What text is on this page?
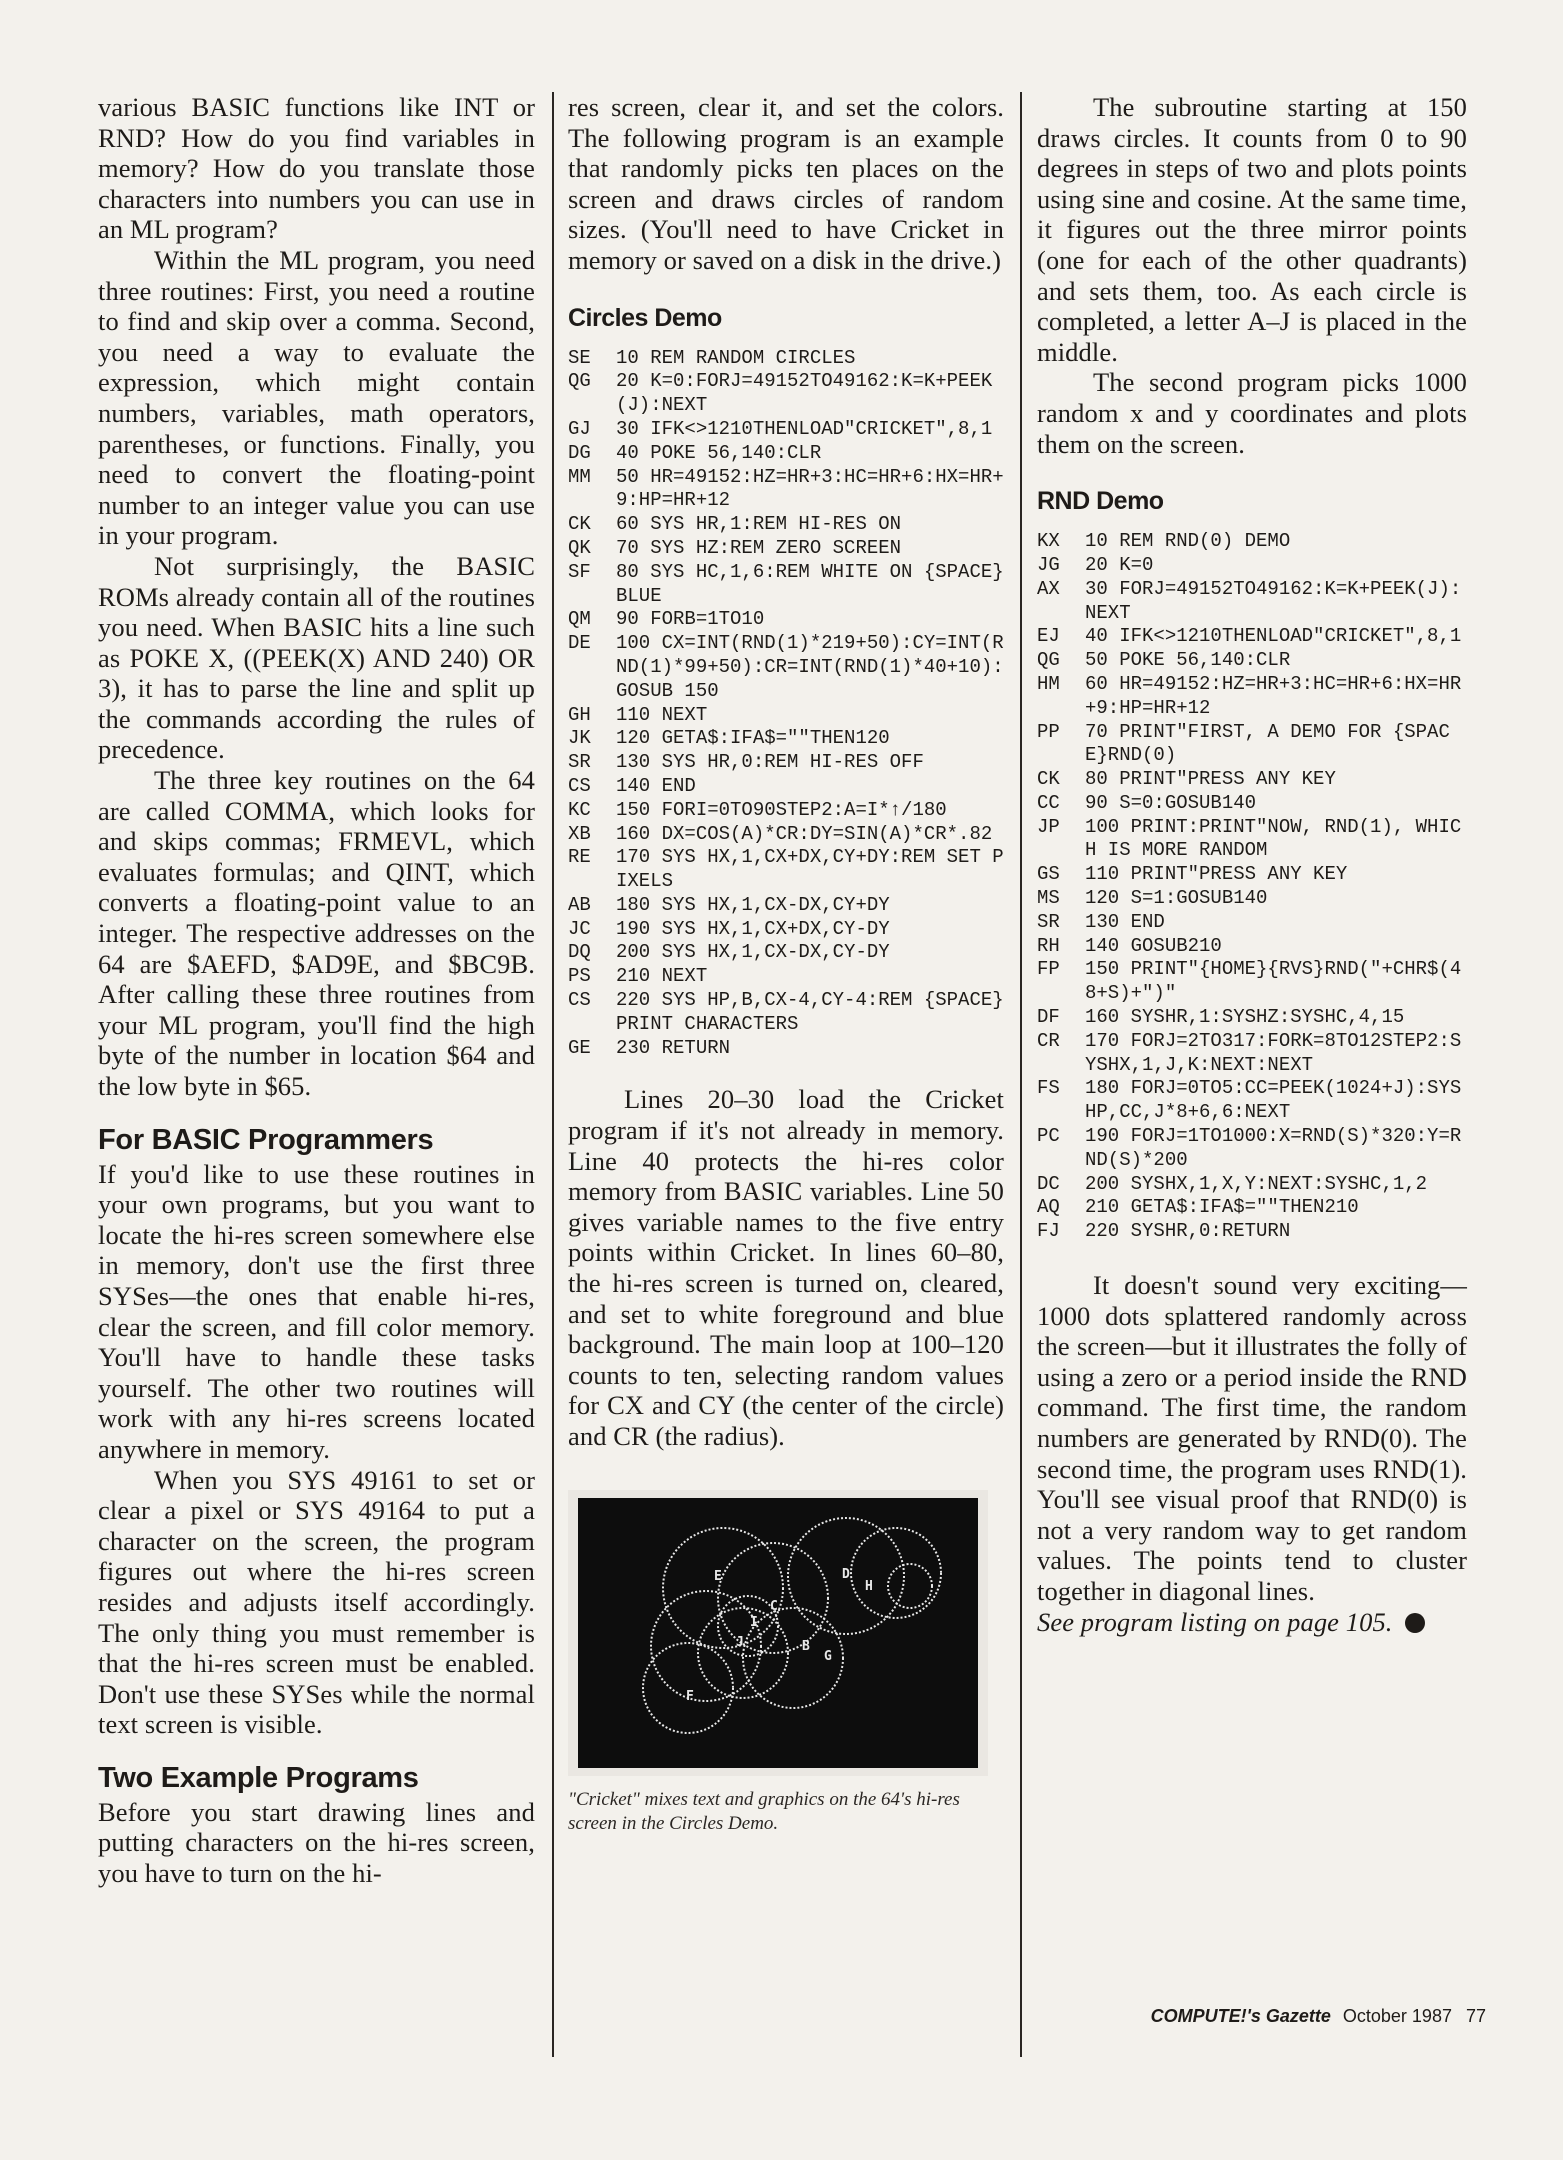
various BASIC functions like INT or RND? How do you find variables in memory? How do you translate those characters into numbers you can use in an ML program?

Within the ML program, you need three routines: First, you need a routine to find and skip over a comma. Second, you need a way to evaluate the expression, which might contain numbers, variables, math operators, parentheses, or functions. Finally, you need to convert the floating-point number to an integer value you can use in your program.

Not surprisingly, the BASIC ROMs already contain all of the routines you need. When BASIC hits a line such as POKE X, ((PEEK(X) AND 240) OR 3), it has to parse the line and split up the commands according the rules of precedence.

The three key routines on the 64 are called COMMA, which looks for and skips commas; FRMEVL, which evaluates formulas; and QINT, which converts a floating-point value to an integer. The respective addresses on the 64 are $AEFD, $AD9E, and $BC9B. After calling these three routines from your ML program, you'll find the high byte of the number in location $64 and the low byte in $65.

For BASIC Programmers

If you'd like to use these routines in your own programs, but you want to locate the hi-res screen somewhere else in memory, don't use the first three SYSes—the ones that enable hi-res, clear the screen, and fill color memory. You'll have to handle these tasks yourself. The other two routines will work with any hi-res screens located anywhere in memory.

When you SYS 49161 to set or clear a pixel or SYS 49164 to put a character on the screen, the program figures out where the hi-res screen resides and adjusts itself accordingly. The only thing you must remember is that the hi-res screen must be enabled. Don't use these SYSes while the normal text screen is visible.

Two Example Programs

Before you start drawing lines and putting characters on the hi-res screen, you have to turn on the hi-

res screen, clear it, and set the colors. The following program is an example that randomly picks ten places on the screen and draws circles of random sizes. (You'll need to have Cricket in memory or saved on a disk in the drive.)

Circles Demo
SE	10 REM RANDOM CIRCLES
QG	20 K=0:FORJ=49152TO49162:K=K+PEEK(J):NEXT
GJ	30 IFK<>1210THENLOAD"CRICKET",8,1
DG	40 POKE 56,140:CLR
MM	50 HR=49152:HZ=HR+3:HC=HR+6:HX=HR+9:HP=HR+12
CK	60 SYS HR,1:REM HI-RES ON
QK	70 SYS HZ:REM ZERO SCREEN
SF	80 SYS HC,1,6:REM WHITE ON {SPACE}BLUE
QM	90 FORB=1TO10
DE	100 CX=INT(RND(1)*219+50):CY=INT(RND(1)*99+50):CR=INT(RND(1)*40+10):GOSUB 150
GH	110 NEXT
JK	120 GETA$:IFA$=""THEN120
SR	130 SYS HR,0:REM HI-RES OFF
CS	140 END
KC	150 FORI=0TO90STEP2:A=I*↑/180
XB	160 DX=COS(A)*CR:DY=SIN(A)*CR*.82
RE	170 SYS HX,1,CX+DX,CY+DY:REM SET PIXELS
AB	180 SYS HX,1,CX-DX,CY+DY
JC	190 SYS HX,1,CX+DX,CY-DY
DQ	200 SYS HX,1,CX-DX,CY-DY
PS	210 NEXT
CS	220 SYS HP,B,CX-4,CY-4:REM {SPACE}PRINT CHARACTERS
GE	230 RETURN

Lines 20–30 load the Cricket program if it's not already in memory. Line 40 protects the hi-res color memory from BASIC variables. Line 50 gives variable names to the five entry points within Cricket. In lines 60–80, the hi-res screen is turned on, cleared, and set to white foreground and blue background. The main loop at 100–120 counts to ten, selecting random values for CX and CY (the center of the circle) and CR (the radius).

E
C
D
G
H
I
J	B
F

"Cricket" mixes text and graphics on the 64's hi-res screen in the Circles Demo.

The subroutine starting at 150 draws circles. It counts from 0 to 90 degrees in steps of two and plots points using sine and cosine. At the same time, it figures out the three mirror points (one for each of the other quadrants) and sets them, too. As each circle is completed, a letter A–J is placed in the middle.

The second program picks 1000 random x and y coordinates and plots them on the screen.

RND Demo
KX	10 REM RND(0) DEMO
JG	20 K=0
AX	30 FORJ=49152TO49162:K=K+PEEK(J):NEXT
EJ	40 IFK<>1210THENLOAD"CRICKET",8,1
QG	50 POKE 56,140:CLR
HM	60 HR=49152:HZ=HR+3:HC=HR+6:HX=HR+9:HP=HR+12
PP	70 PRINT"FIRST, A DEMO FOR {SPACE}RND(0)
CK	80 PRINT"PRESS ANY KEY
CC	90 S=0:GOSUB140
JP	100 PRINT:PRINT"NOW, RND(1), WHICH IS MORE RANDOM
GS	110 PRINT"PRESS ANY KEY
MS	120 S=1:GOSUB140
SR	130 END
RH	140 GOSUB210
FP	150 PRINT"{HOME}{RVS}RND("+CHR$(48+S)+")"
DF	160 SYSHR,1:SYSHZ:SYSHC,4,15
CR	170 FORJ=2TO317:FORK=8TO12STEP2:SYSHX,1,J,K:NEXT:NEXT
FS	180 FORJ=0TO5:CC=PEEK(1024+J):SYSHP,CC,J*8+6,6:NEXT
PC	190 FORJ=1TO1000:X=RND(S)*320:Y=RND(S)*200
DC	200 SYSHX,1,X,Y:NEXT:SYSHC,1,2
AQ	210 GETA$:IFA$=""THEN210
FJ	220 SYSHR,0:RETURN

It doesn't sound very exciting—1000 dots splattered randomly across the screen—but it illustrates the folly of using a zero or a period inside the RND command. The first time, the random numbers are generated by RND(0). The second time, the program uses RND(1). You'll see visual proof that RND(0) is not a very random way to get random values. The points tend to cluster together in diagonal lines.

See program listing on page 105.

COMPUTE!'s Gazette October 1987 77
